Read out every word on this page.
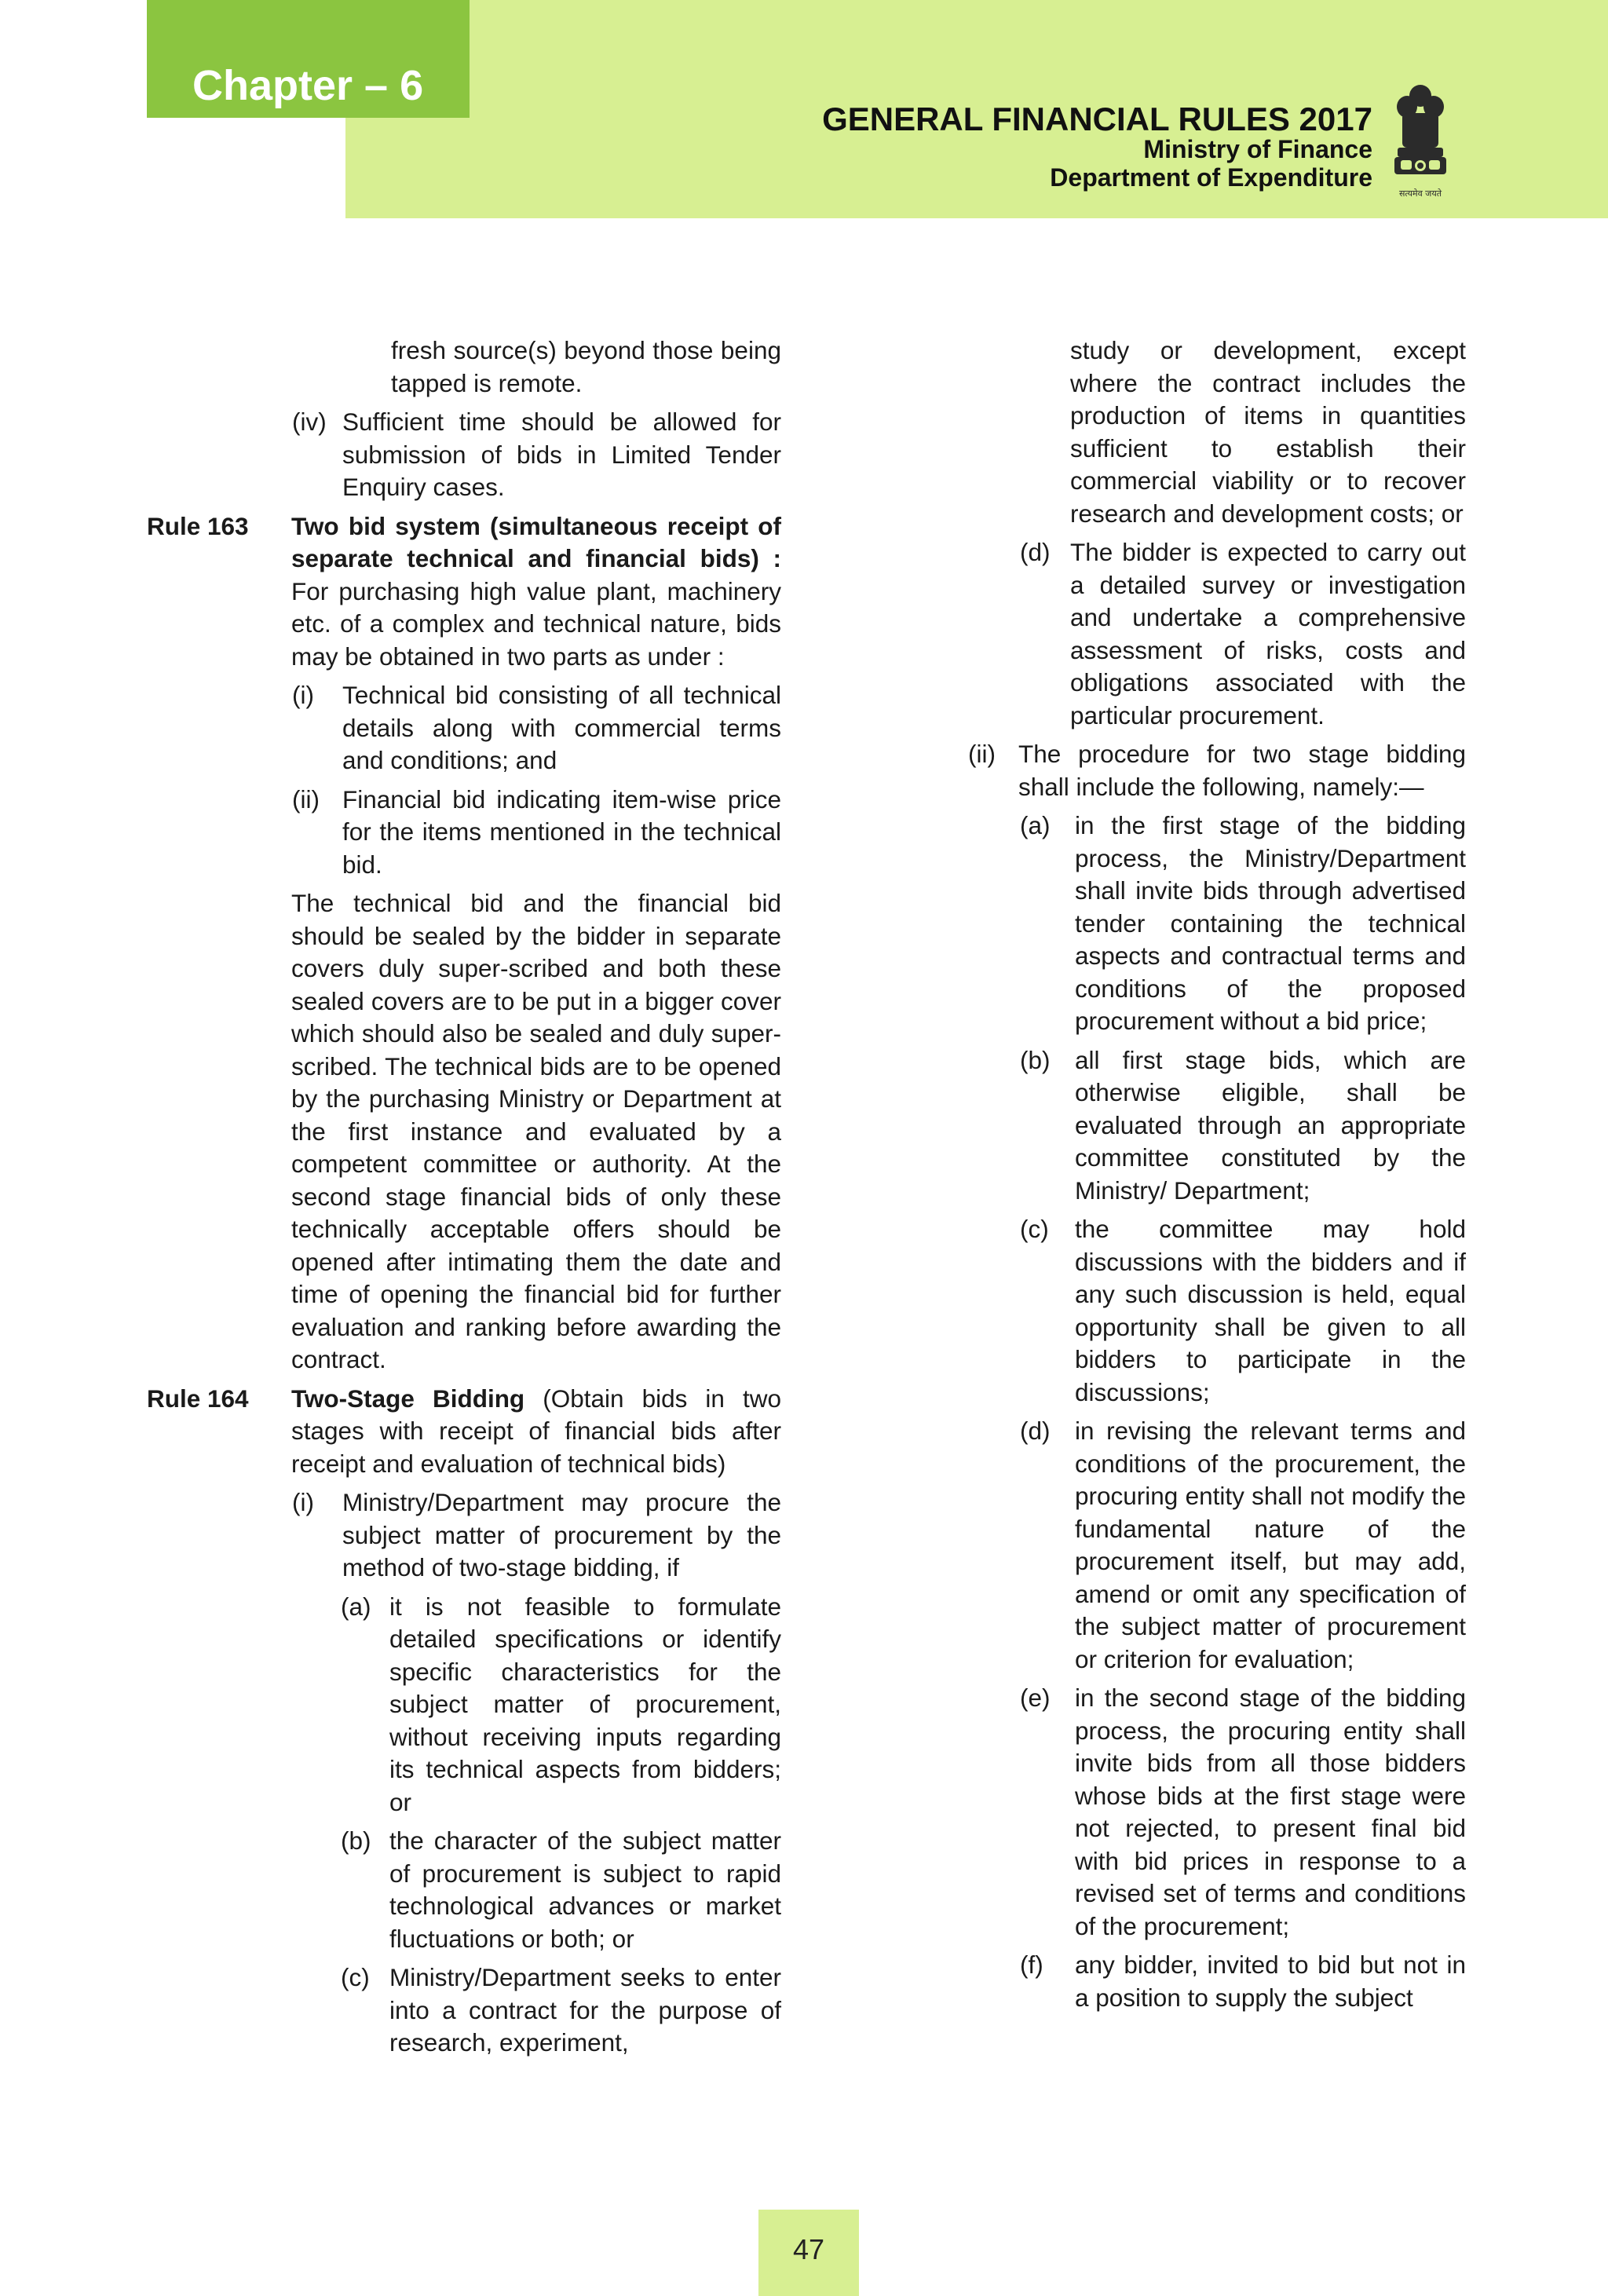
Chapter – 6
GENERAL FINANCIAL RULES 2017
Ministry of Finance
Department of Expenditure
सत्यमेव जयते

fresh source(s) beyond those being tapped is remote.

(iv) Sufficient time should be allowed for submission of bids in Limited Tender Enquiry cases.
Rule 163 Two bid system (simultaneous receipt of separate technical and financial bids) : For purchasing high value plant, machinery etc. of a complex and technical nature, bids may be obtained in two parts as under :
(i) Technical bid consisting of all technical details along with commercial terms and conditions; and
(ii) Financial bid indicating item-wise price for the items mentioned in the technical bid.

The technical bid and the financial bid should be sealed by the bidder in separate covers duly super-scribed and both these sealed covers are to be put in a bigger cover which should also be sealed and duly super-scribed. The technical bids are to be opened by the purchasing Ministry or Department at the first instance and evaluated by a competent committee or authority. At the second stage financial bids of only these technically acceptable offers should be opened after intimating them the date and time of opening the financial bid for further evaluation and ranking before awarding the contract.

Rule 164 Two-Stage Bidding (Obtain bids in two stages with receipt of financial bids after receipt and evaluation of technical bids)
(i) Ministry/Department may procure the subject matter of procurement by the method of two-stage bidding, if
(a) it is not feasible to formulate detailed specifications or identify specific characteristics for the subject matter of procurement, without receiving inputs regarding its technical aspects from bidders; or
(b) the character of the subject matter of procurement is subject to rapid technological advances or market fluctuations or both; or
(c) Ministry/Department seeks to enter into a contract for the purpose of research, experiment,

study or development, except where the contract includes the production of items in quantities sufficient to establish their commercial viability or to recover research and development costs; or

(d) The bidder is expected to carry out a detailed survey or investigation and undertake a comprehensive assessment of risks, costs and obligations associated with the particular procurement.
(ii) The procedure for two stage bidding shall include the following, namely:—
(a) in the first stage of the bidding process, the Ministry/Department shall invite bids through advertised tender containing the technical aspects and contractual terms and conditions of the proposed procurement without a bid price;
(b) all first stage bids, which are otherwise eligible, shall be evaluated through an appropriate committee constituted by the Ministry/ Department;
(c) the committee may hold discussions with the bidders and if any such discussion is held, equal opportunity shall be given to all bidders to participate in the discussions;
(d) in revising the relevant terms and conditions of the procurement, the procuring entity shall not modify the fundamental nature of the procurement itself, but may add, amend or omit any specification of the subject matter of procurement or criterion for evaluation;
(e) in the second stage of the bidding process, the procuring entity shall invite bids from all those bidders whose bids at the first stage were not rejected, to present final bid with bid prices in response to a revised set of terms and conditions of the procurement;
(f) any bidder, invited to bid but not in a position to supply the subject
47
